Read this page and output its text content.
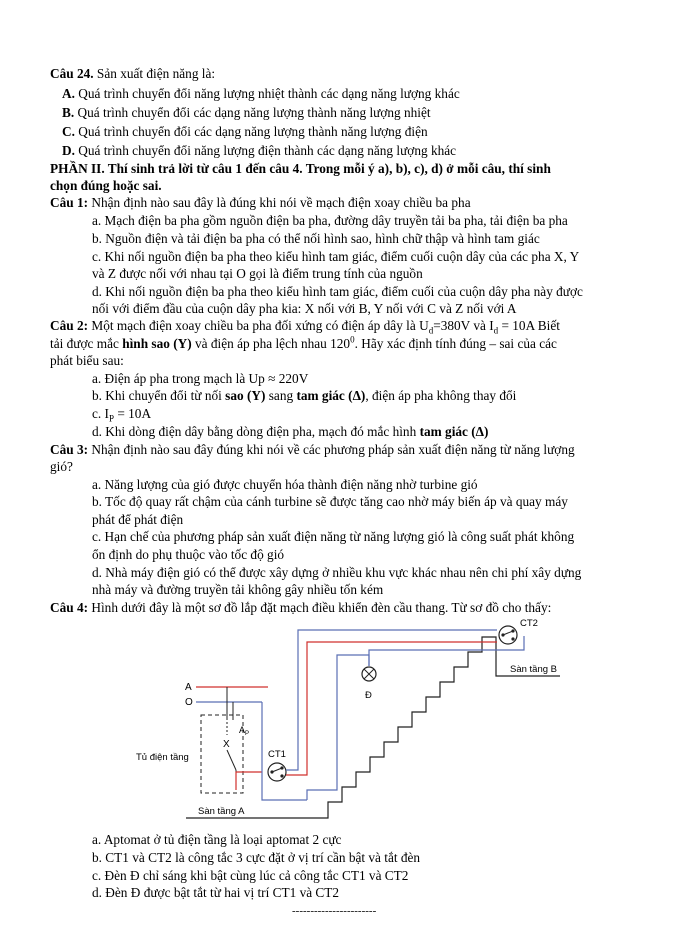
Câu 24. Sản xuất điện năng là:
A. Quá trình chuyển đổi năng lượng nhiệt thành các dạng năng lượng khác
B. Quá trình chuyển đổi các dạng năng lượng thành năng lượng nhiệt
C. Quá trình chuyển đổi các dạng năng lượng thành năng lượng điện
D. Quá trình chuyển đổi năng lượng điện thành các dạng năng lượng khác
PHẦN II. Thí sinh trả lời từ câu 1 đến câu 4. Trong mỗi ý a), b), c), d) ở mỗi câu, thí sinh
chọn đúng hoặc sai.
Câu 1: Nhận định nào sau đây là đúng khi nói về mạch điện xoay chiều ba pha
a. Mạch điện ba pha gồm nguồn điện ba pha, đường dây truyền tải ba pha, tải điện ba pha
b. Nguồn điện và tải điện ba pha có thể nối hình sao, hình chữ thập và hình tam giác
c. Khi nối nguồn điện ba pha theo kiểu hình tam giác, điểm cuối cuộn dây của các pha X, Y
và Z được nối với nhau tại O gọi là điểm trung tính của nguồn
d. Khi nối nguồn điện ba pha theo kiểu hình tam giác, điểm cuối của cuộn dây pha này được
nối với điểm đầu của cuộn dây pha kia: X nối với B, Y nối với C và Z nối với A
Câu 2: Một mạch điện xoay chiều ba pha đối xứng có điện áp dây là $U_d=380V$ và $I_d = 10A$ Biết
tải được mắc hình sao (Y) và điện áp pha lệch nhau $120^0$. Hãy xác định tính đúng – sai của các
phát biểu sau:
a. Điện áp pha trong mạch là Up ≈ 220V
b. Khi chuyển đổi từ nối sao (Y) sang tam giác (Δ), điện áp pha không thay đổi
c. $I_P = 10A$
d. Khi dòng điện dây bằng dòng điện pha, mạch đó mắc hình tam giác (Δ)
Câu 3: Nhận định nào sau đây đúng khi nói về các phương pháp sản xuất điện năng từ năng lượng
gió?
a. Năng lượng của gió được chuyển hóa thành điện năng nhờ turbine gió
b. Tốc độ quay rất chậm của cánh turbine sẽ được tăng cao nhờ máy biến áp và quay máy
phát để phát điện
c. Hạn chế của phương pháp sản xuất điện năng từ năng lượng gió là công suất phát không
ổn định do phụ thuộc vào tốc độ gió
d. Nhà máy điện gió có thể được xây dựng ở nhiều khu vực khác nhau nên chi phí xây dựng
nhà máy và đường truyền tải không gây nhiều tốn kém
Câu 4: Hình dưới đây là một sơ đồ lắp đặt mạch điều khiển đèn cầu thang. Từ sơ đồ cho thấy:
X
CT2
Sàn tầng B
Đ
A
O
$A_P$
Tủ điện tầng	CT1
Sàn tầng A
a. Aptomat ở tủ điện tầng là loại aptomat 2 cực
b. CT1 và CT2 là công tắc 3 cực đặt ở vị trí cần bật và tắt đèn
c. Đèn Đ chỉ sáng khi bật cùng lúc cả công tắc CT1 và CT2
d. Đèn Đ được bật tắt từ hai vị trí CT1 và CT2
-----------------------
